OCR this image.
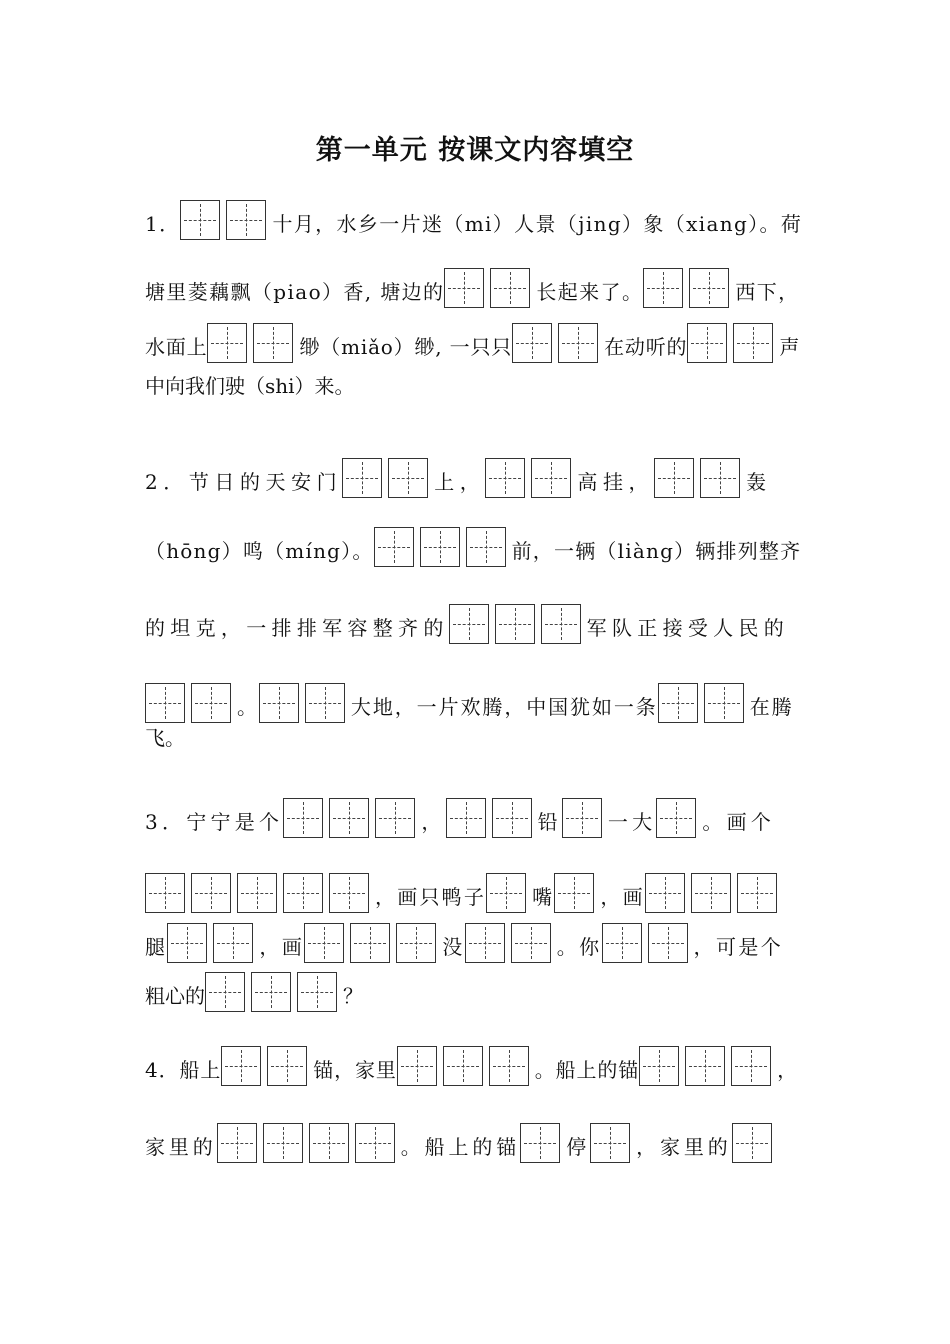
第一单元 按课文内容填空
1．	十月，水乡一片迷（mi）人景（jing）象（xiang）。荷
塘里菱藕飘（piao）香, 塘边的	长起来了。	西下，
水面上	缈（miǎo）缈, 一只只	在动听的	声
中向我们驶（shi）来。
2．节日的天安门	上，	高挂，	轰
（hōng）鸣（míng）。	前，一辆（liàng）辆排列整齐
的坦克，一排排军容整齐的	军队正接受人民的
。	大地，一片欢腾，中国犹如一条	在腾
飞。
3．宁宁是个	，	铅 一大 。画个
，画只鸭子 嘴 ，画
腿	，画	没	。你	，可是个
粗心的	？
4．船上	锚，家里	。船上的锚	，
家里的	。船上的锚 停 ，家里的
